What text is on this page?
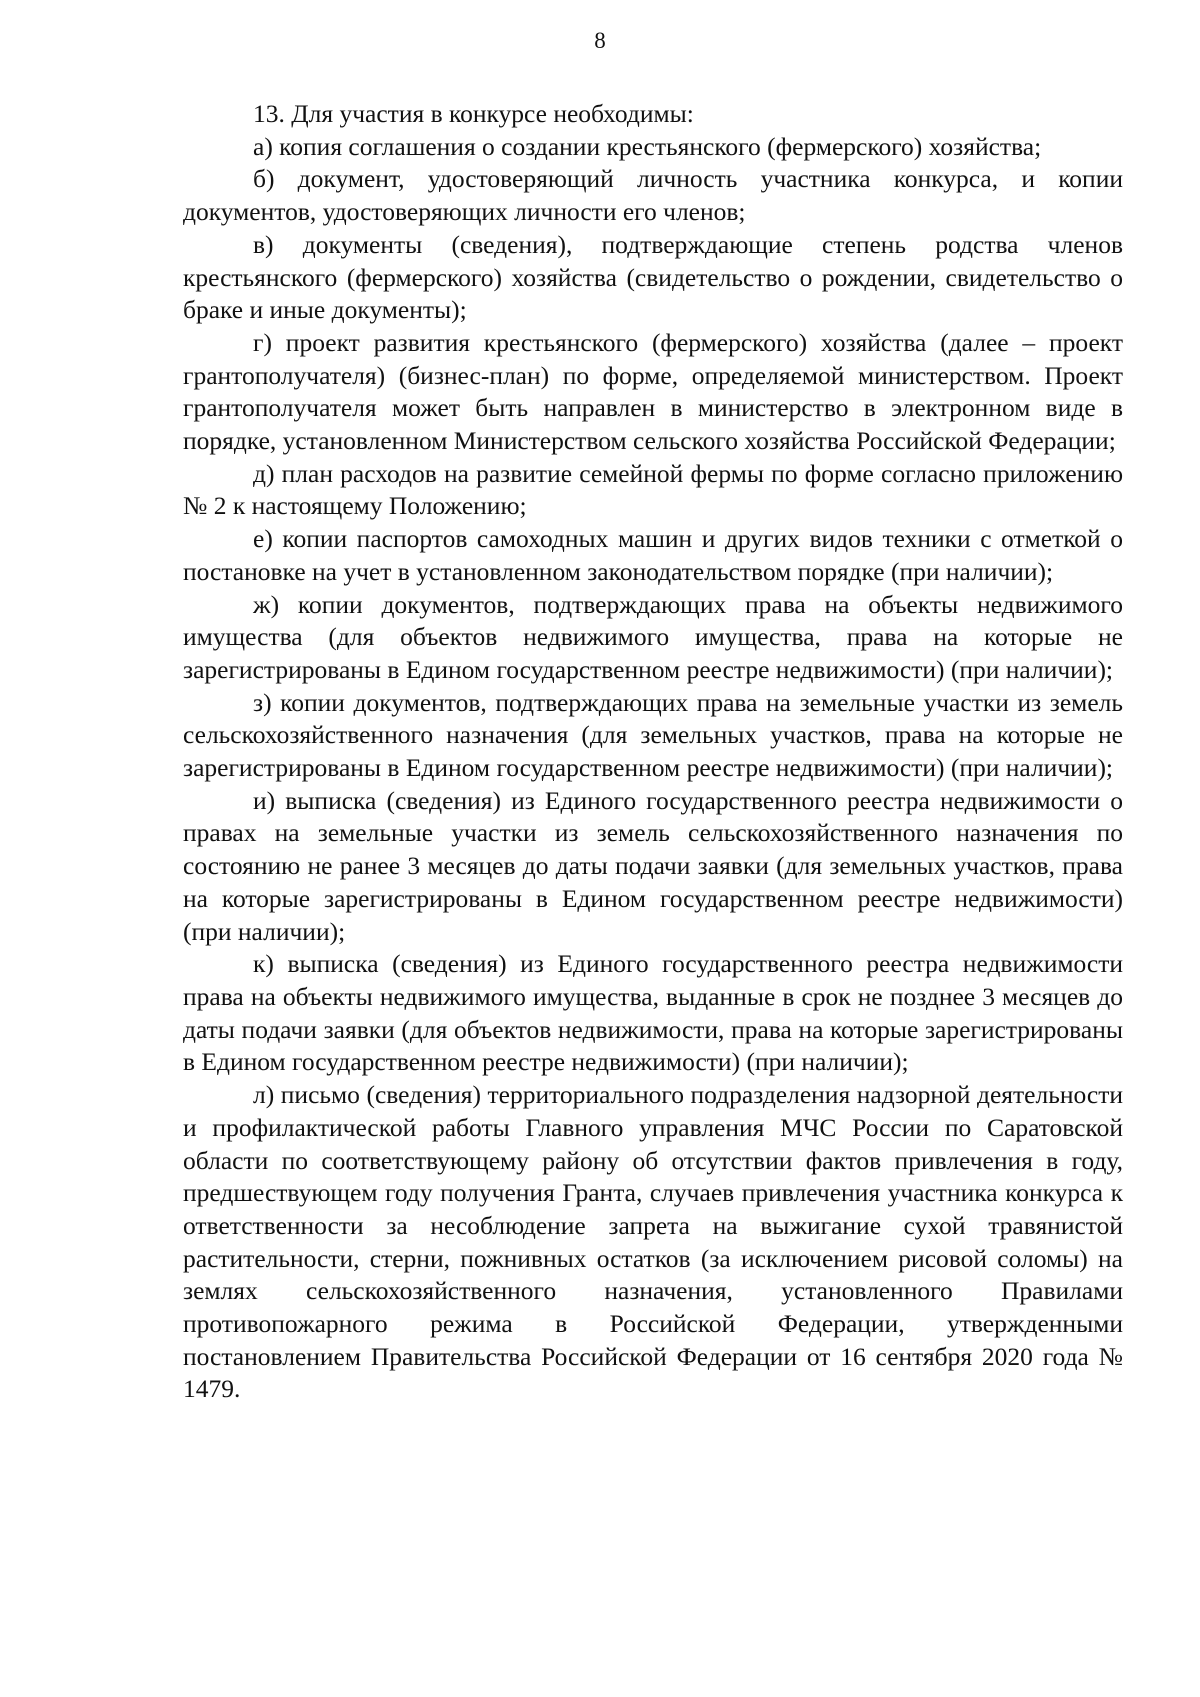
8

13. Для участия в конкурсе необходимы:

а) копия соглашения о создании крестьянского (фермерского) хозяйства;

б) документ, удостоверяющий личность участника конкурса, и копии документов, удостоверяющих личности его членов;

в) документы (сведения), подтверждающие степень родства членов крестьянского (фермерского) хозяйства (свидетельство о рождении, свидетельство о браке и иные документы);

г) проект развития крестьянского (фермерского) хозяйства (далее – проект грантополучателя) (бизнес-план) по форме, определяемой министерством. Проект грантополучателя может быть направлен в министерство в электронном виде в порядке, установленном Министерством сельского хозяйства Российской Федерации;

д) план расходов на развитие семейной фермы по форме согласно приложению № 2 к настоящему Положению;

е) копии паспортов самоходных машин и других видов техники с отметкой о постановке на учет в установленном законодательством порядке (при наличии);

ж) копии документов, подтверждающих права на объекты недвижимого имущества (для объектов недвижимого имущества, права на которые не зарегистрированы в Едином государственном реестре недвижимости) (при наличии);

з) копии документов, подтверждающих права на земельные участки из земель сельскохозяйственного назначения (для земельных участков, права на которые не зарегистрированы в Едином государственном реестре недвижимости) (при наличии);

и) выписка (сведения) из Единого государственного реестра недвижимости о правах на земельные участки из земель сельскохозяйственного назначения по состоянию не ранее 3 месяцев до даты подачи заявки (для земельных участков, права на которые зарегистрированы в Едином государственном реестре недвижимости) (при наличии);

к) выписка (сведения) из Единого государственного реестра недвижимости права на объекты недвижимого имущества, выданные в срок не позднее 3 месяцев до даты подачи заявки (для объектов недвижимости, права на которые зарегистрированы в Едином государственном реестре недвижимости) (при наличии);

л) письмо (сведения) территориального подразделения надзорной деятельности и профилактической работы Главного управления МЧС России по Саратовской области по соответствующему району об отсутствии фактов привлечения в году, предшествующем году получения Гранта, случаев привлечения участника конкурса к ответственности за несоблюдение запрета на выжигание сухой травянистой растительности, стерни, пожнивных остатков (за исключением рисовой соломы) на землях сельскохозяйственного назначения, установленного Правилами противопожарного режима в Российской Федерации, утвержденными постановлением Правительства Российской Федерации от 16 сентября 2020 года № 1479.
